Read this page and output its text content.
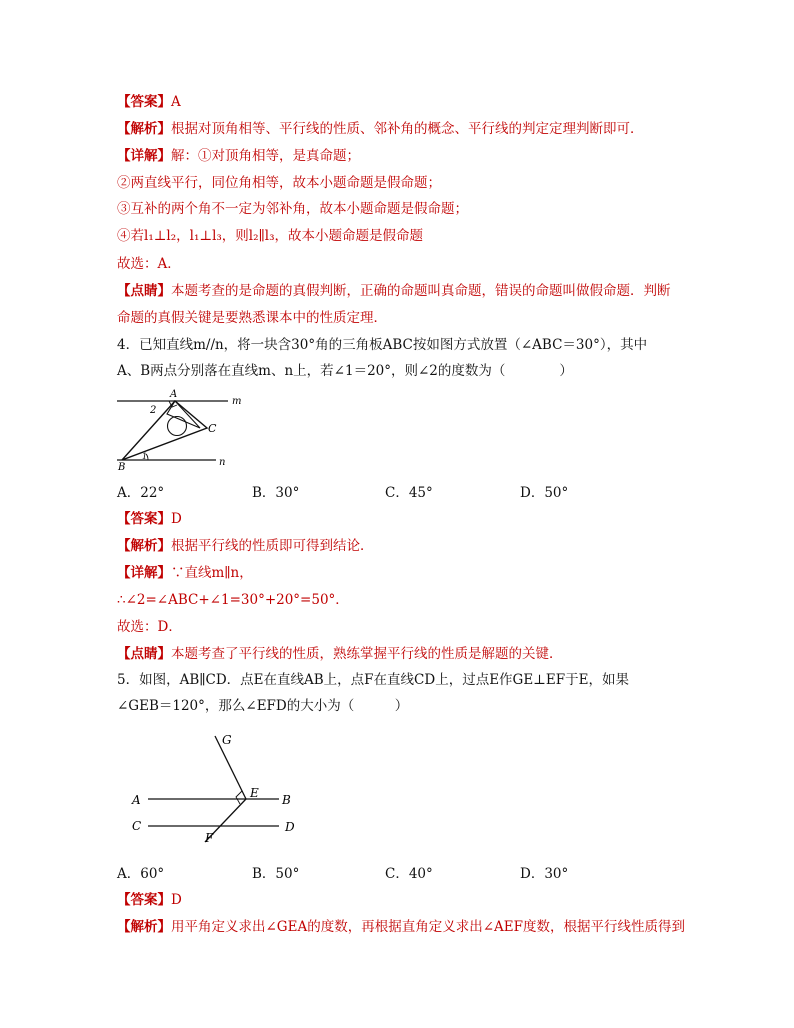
【答案】A
【解析】根据对顶角相等、平行线的性质、邻补角的概念、平行线的判定定理判断即可．
【详解】解：①对顶角相等，是真命题；
②两直线平行，同位角相等，故本小题命题是假命题；
③互补的两个角不一定为邻补角，故本小题命题是假命题；
④若l₁⊥l₂，l₁⊥l₃，则l₂∥l₃，故本小题命题是假命题
故选：A．
【点睛】本题考查的是命题的真假判断，正确的命题叫真命题，错误的命题叫做假命题．判断
命题的真假关键是要熟悉课本中的性质定理．
4．已知直线m//n，将一块含30°角的三角板ABC按如图方式放置（∠ABC＝30°），其中
A、B两点分别落在直线m、n上，若∠1＝20°，则∠2的度数为（　　　　）
A
2
C
B
1
m
n
A．22°	B．30°	C．45°	D．50°
【答案】D
【解析】根据平行线的性质即可得到结论．
【详解】∵直线m∥n，
∴∠2=∠ABC+∠1=30°+20°=50°．
故选：D．
【点睛】本题考查了平行线的性质，熟练掌握平行线的性质是解题的关键．
5．如图，AB∥CD．点E在直线AB上，点F在直线CD上，过点E作GE⊥EF于E，如果
∠GEB＝120°，那么∠EFD的大小为（　　　）
G
A	E B
C	D
F
A．60°	B．50°	C．40°	D．30°
【答案】D
【解析】用平角定义求出∠GEA的度数，再根据直角定义求出∠AEF度数，根据平行线性质得到
